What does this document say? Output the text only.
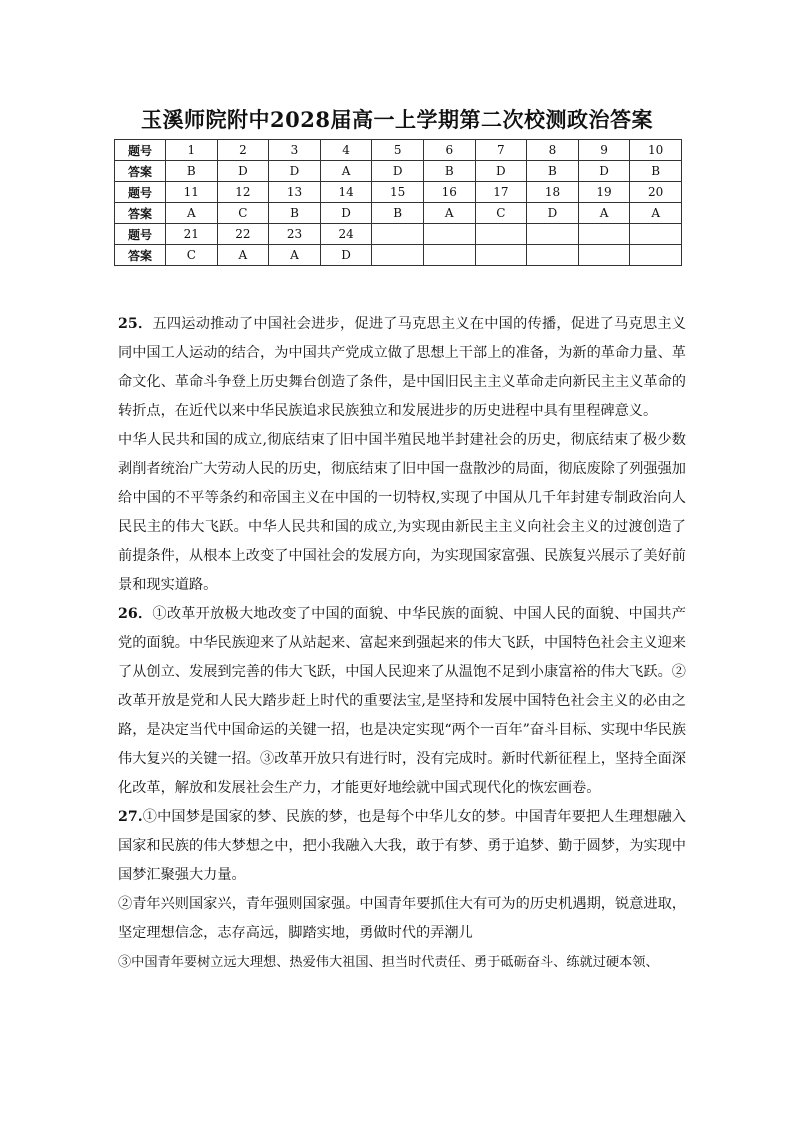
玉溪师院附中2028届高一上学期第二次校测政治答案
题号	1	2	3	4	5	6	7	8	9	10
答案	B	D	D	A	D	B	D	B	D	B
题号	11	12	13	14	15	16	17	18	19	20
答案	A	C	B	D	B	A	C	D	A	A
题号	21	22	23	24						
答案	C	A	A	D						

25．五四运动推动了中国社会进步，促进了马克思主义在中国的传播，促进了马克思主义同中国工人运动的结合，为中国共产党成立做了思想上干部上的准备，为新的革命力量、革命文化、革命斗争登上历史舞台创造了条件，是中国旧民主主义革命走向新民主主义革命的转折点，在近代以来中华民族追求民族独立和发展进步的历史进程中具有里程碑意义。

中华人民共和国的成立,彻底结束了旧中国半殖民地半封建社会的历史，彻底结束了极少数剥削者统治广大劳动人民的历史，彻底结束了旧中国一盘散沙的局面，彻底废除了列强强加给中国的不平等条约和帝国主义在中国的一切特权,实现了中国从几千年封建专制政治向人民民主的伟大飞跃。中华人民共和国的成立,为实现由新民主主义向社会主义的过渡创造了前提条件，从根本上改变了中国社会的发展方向，为实现国家富强、民族复兴展示了美好前景和现实道路。

26．①改革开放极大地改变了中国的面貌、中华民族的面貌、中国人民的面貌、中国共产党的面貌。中华民族迎来了从站起来、富起来到强起来的伟大飞跃，中国特色社会主义迎来了从创立、发展到完善的伟大飞跃，中国人民迎来了从温饱不足到小康富裕的伟大飞跃。②改革开放是党和人民大踏步赶上时代的重要法宝,是坚持和发展中国特色社会主义的必由之路，是决定当代中国命运的关键一招，也是决定实现“两个一百年”奋斗目标、实现中华民族伟大复兴的关键一招。③改革开放只有进行时，没有完成时。新时代新征程上，坚持全面深化改革，解放和发展社会生产力，才能更好地绘就中国式现代化的恢宏画卷。

27.①中国梦是国家的梦、民族的梦，也是每个中华儿女的梦。中国青年要把人生理想融入国家和民族的伟大梦想之中，把小我融入大我，敢于有梦、勇于追梦、勤于圆梦，为实现中国梦汇聚强大力量。

②青年兴则国家兴，青年强则国家强。中国青年要抓住大有可为的历史机遇期，锐意进取，坚定理想信念，志存高远，脚踏实地，勇做时代的弄潮儿

③中国青年要树立远大理想、热爱伟大祖国、担当时代责任、勇于砥砺奋斗、练就过硬本领、
